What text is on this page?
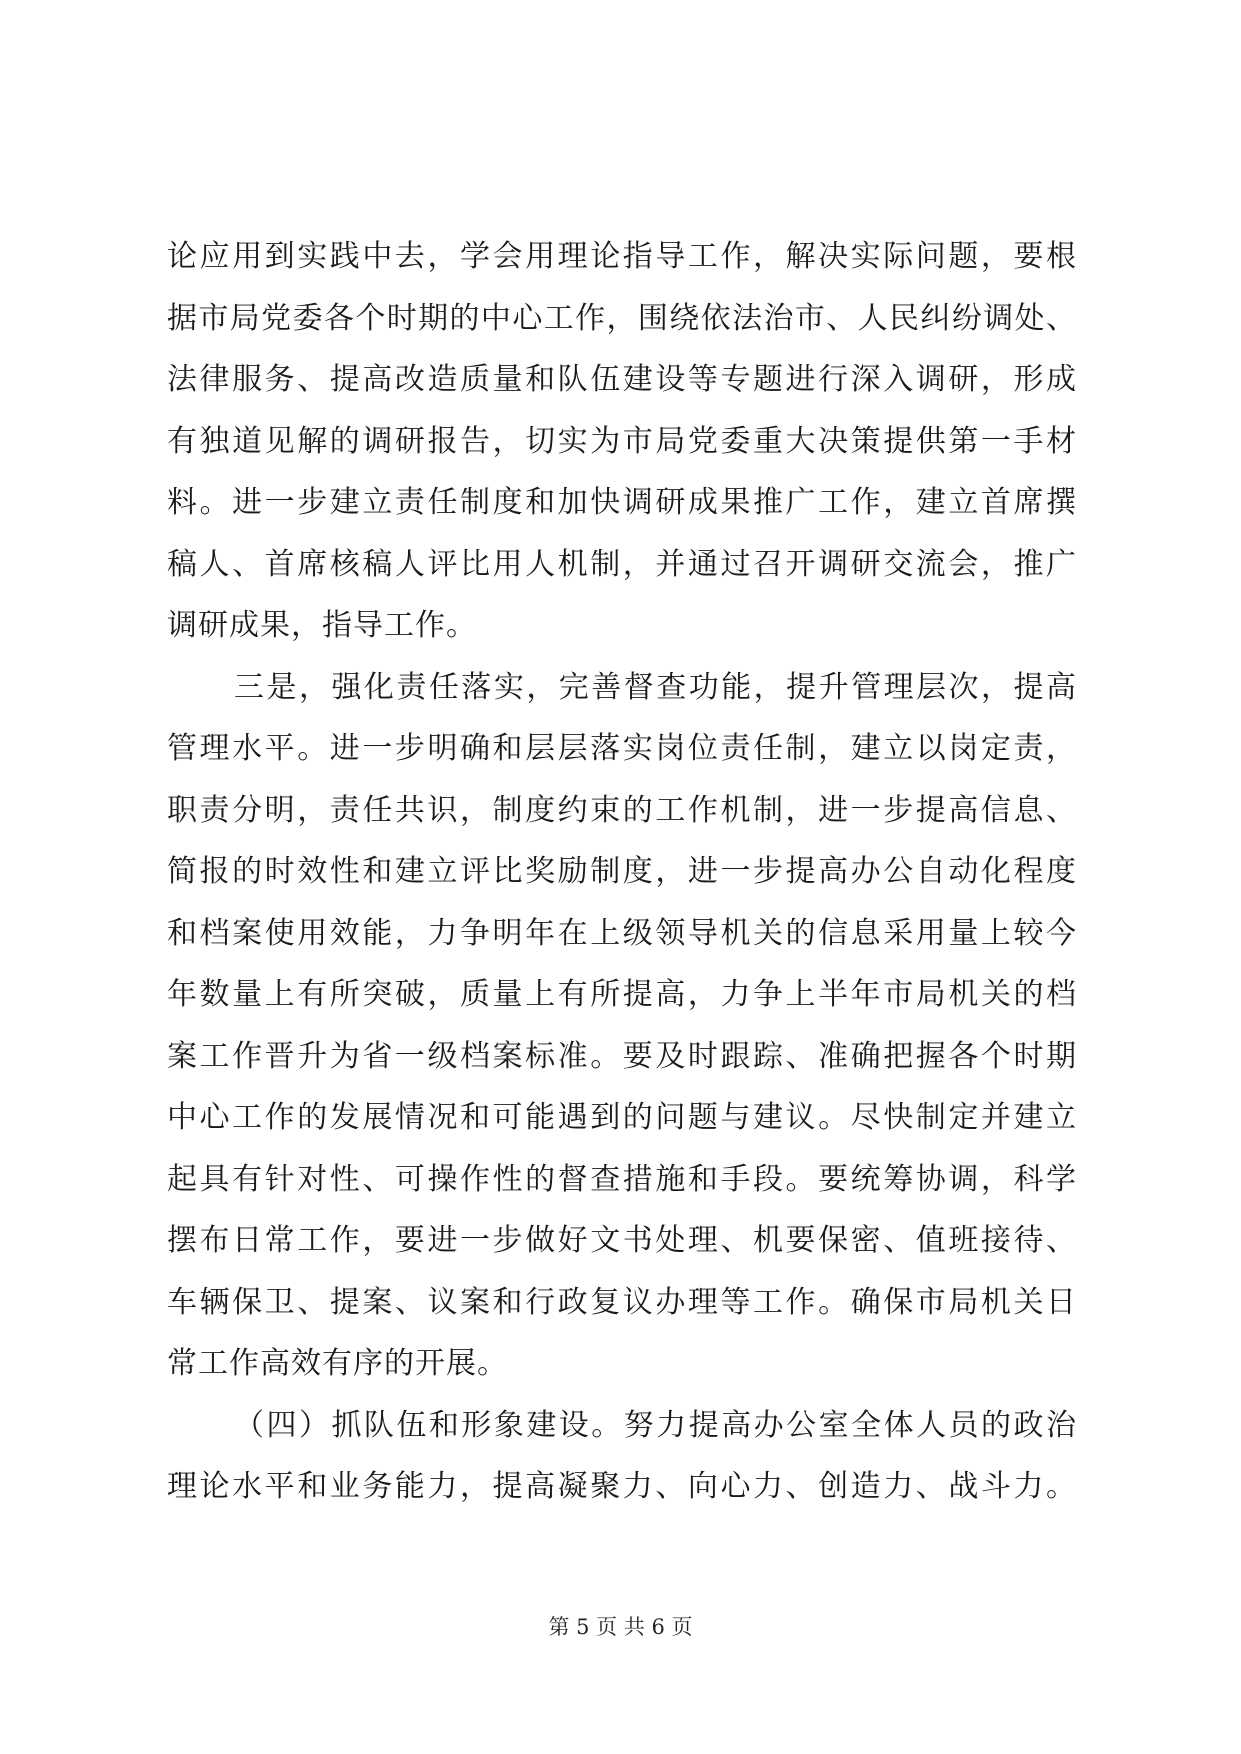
论应用到实践中去，学会用理论指导工作，解决实际问题，要根
据市局党委各个时期的中心工作，围绕依法治市、人民纠纷调处、
法律服务、提高改造质量和队伍建设等专题进行深入调研，形成
有独道见解的调研报告，切实为市局党委重大决策提供第一手材
料。进一步建立责任制度和加快调研成果推广工作，建立首席撰
稿人、首席核稿人评比用人机制，并通过召开调研交流会，推广
调研成果，指导工作。
三是，强化责任落实，完善督查功能，提升管理层次，提高
管理水平。进一步明确和层层落实岗位责任制，建立以岗定责，
职责分明，责任共识，制度约束的工作机制，进一步提高信息、
简报的时效性和建立评比奖励制度，进一步提高办公自动化程度
和档案使用效能，力争明年在上级领导机关的信息采用量上较今
年数量上有所突破，质量上有所提高，力争上半年市局机关的档
案工作晋升为省一级档案标准。要及时跟踪、准确把握各个时期
中心工作的发展情况和可能遇到的问题与建议。尽快制定并建立
起具有针对性、可操作性的督查措施和手段。要统筹协调，科学
摆布日常工作，要进一步做好文书处理、机要保密、值班接待、
车辆保卫、提案、议案和行政复议办理等工作。确保市局机关日
常工作高效有序的开展。
（四）抓队伍和形象建设。努力提高办公室全体人员的政治
理论水平和业务能力，提高凝聚力、向心力、创造力、战斗力。
第 5 页 共 6 页
